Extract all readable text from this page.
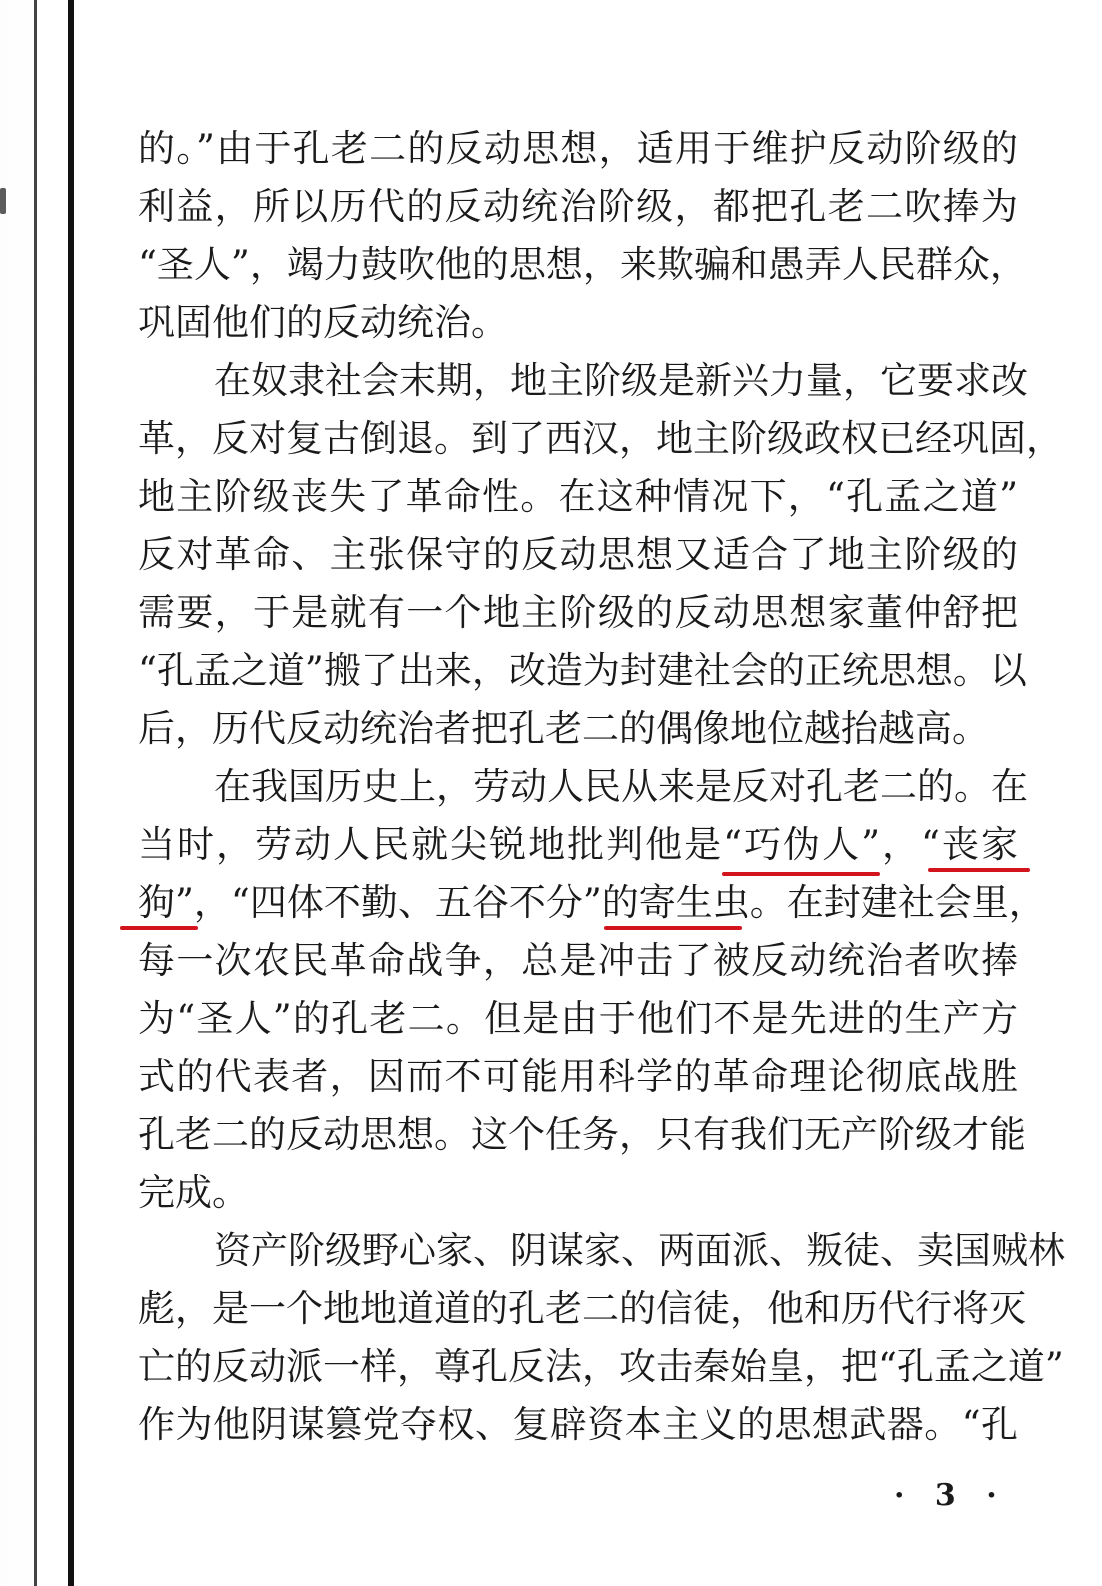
的。”由于孔老二的反动思想，适用于维护反动阶级的
利益，所以历代的反动统治阶级，都把孔老二吹捧为
“圣人”，竭力鼓吹他的思想，来欺骗和愚弄人民群众，
巩固他们的反动统治。
在奴隶社会末期，地主阶级是新兴力量，它要求改
革，反对复古倒退。到了西汉，地主阶级政权已经巩固，
地主阶级丧失了革命性。在这种情况下，“孔孟之道”
反对革命、主张保守的反动思想又适合了地主阶级的
需要，于是就有一个地主阶级的反动思想家董仲舒把
“孔孟之道”搬了出来，改造为封建社会的正统思想。以
后，历代反动统治者把孔老二的偶像地位越抬越高。
在我国历史上，劳动人民从来是反对孔老二的。在
当时，劳动人民就尖锐地批判他是“巧伪人”，“丧家
狗”，“四体不勤、五谷不分”的寄生虫。在封建社会里，
每一次农民革命战争，总是冲击了被反动统治者吹捧
为“圣人”的孔老二。但是由于他们不是先进的生产方
式的代表者，因而不可能用科学的革命理论彻底战胜
孔老二的反动思想。这个任务，只有我们无产阶级才能
完成。
资产阶级野心家、阴谋家、两面派、叛徒、卖国贼林
彪，是一个地地道道的孔老二的信徒，他和历代行将灭
亡的反动派一样，尊孔反法，攻击秦始皇，把“孔孟之道”
作为他阴谋篡党夺权、复辟资本主义的思想武器。“孔
· 3 ·
